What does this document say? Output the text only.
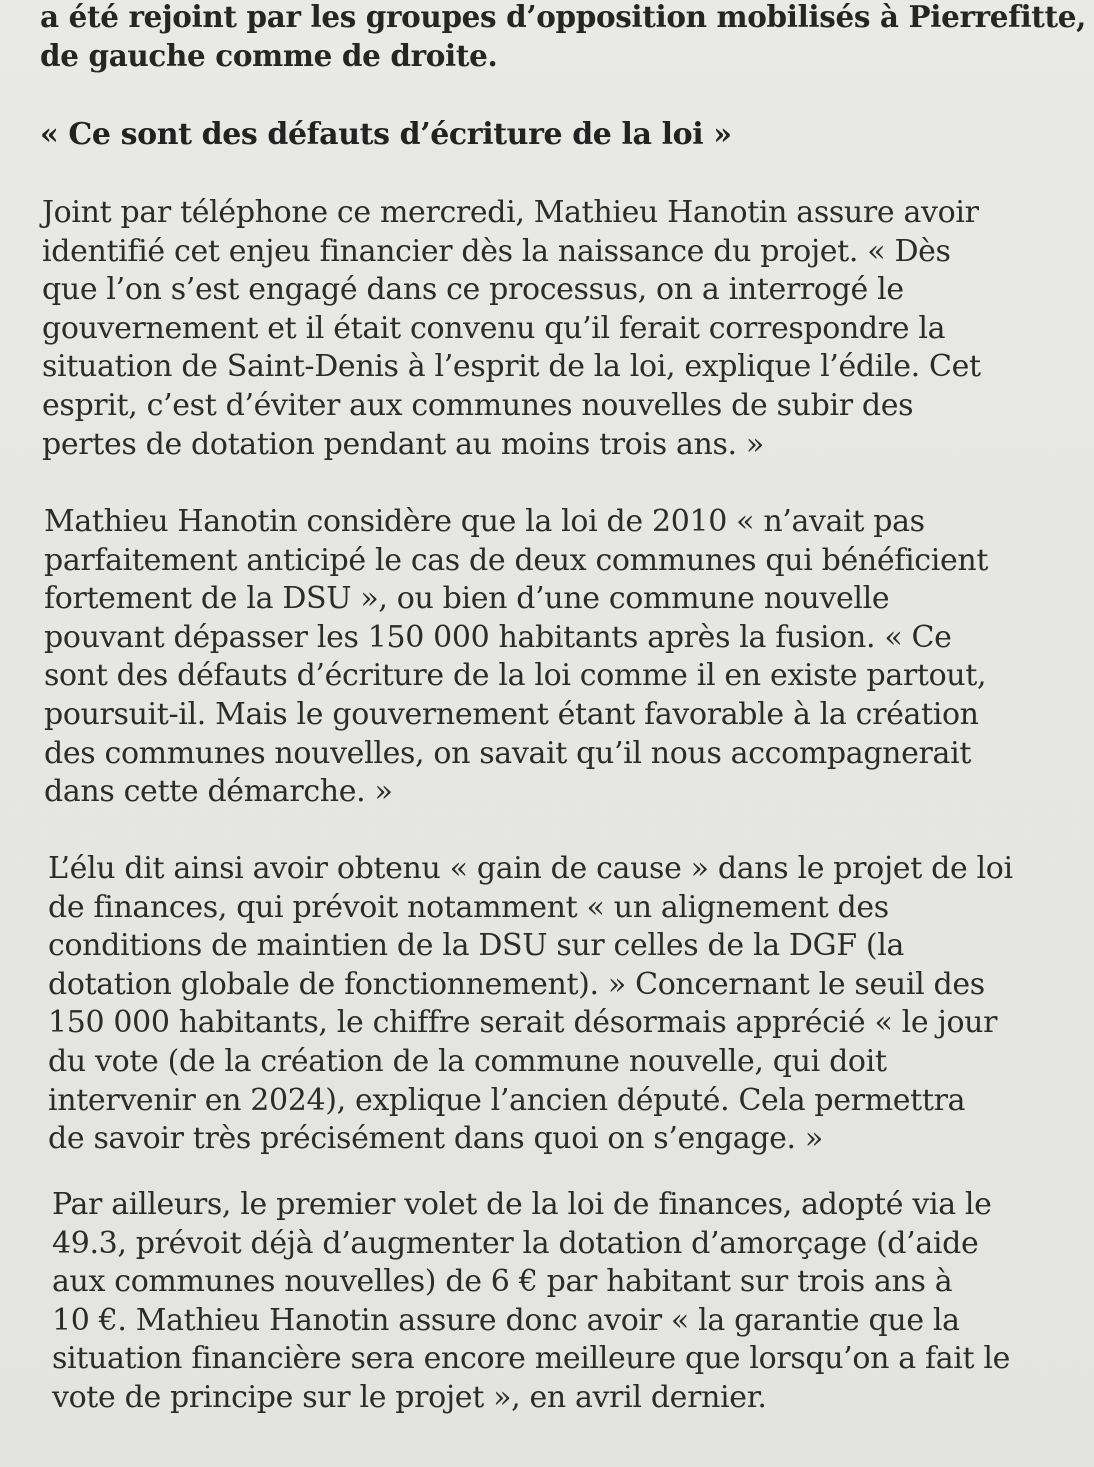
a été rejoint par les groupes d’opposition mobilisés à Pierrefitte,
de gauche comme de droite.
« Ce sont des défauts d’écriture de la loi »
Joint par téléphone ce mercredi, Mathieu Hanotin assure avoir
identifié cet enjeu financier dès la naissance du projet. « Dès
que l’on s’est engagé dans ce processus, on a interrogé le
gouvernement et il était convenu qu’il ferait correspondre la
situation de Saint-Denis à l’esprit de la loi, explique l’édile. Cet
esprit, c’est d’éviter aux communes nouvelles de subir des
pertes de dotation pendant au moins trois ans. »
Mathieu Hanotin considère que la loi de 2010 « n’avait pas
parfaitement anticipé le cas de deux communes qui bénéficient
fortement de la DSU », ou bien d’une commune nouvelle
pouvant dépasser les 150 000 habitants après la fusion. « Ce
sont des défauts d’écriture de la loi comme il en existe partout,
poursuit-il. Mais le gouvernement étant favorable à la création
des communes nouvelles, on savait qu’il nous accompagnerait
dans cette démarche. »
L’élu dit ainsi avoir obtenu « gain de cause » dans le projet de loi
de finances, qui prévoit notamment « un alignement des
conditions de maintien de la DSU sur celles de la DGF (la
dotation globale de fonctionnement). » Concernant le seuil des
150 000 habitants, le chiffre serait désormais apprécié « le jour
du vote (de la création de la commune nouvelle, qui doit
intervenir en 2024), explique l’ancien député. Cela permettra
de savoir très précisément dans quoi on s’engage. »
Par ailleurs, le premier volet de la loi de finances, adopté via le
49.3, prévoit déjà d’augmenter la dotation d’amorçage (d’aide
aux communes nouvelles) de 6 € par habitant sur trois ans à
10 €. Mathieu Hanotin assure donc avoir « la garantie que la
situation financière sera encore meilleure que lorsqu’on a fait le
vote de principe sur le projet », en avril dernier.
